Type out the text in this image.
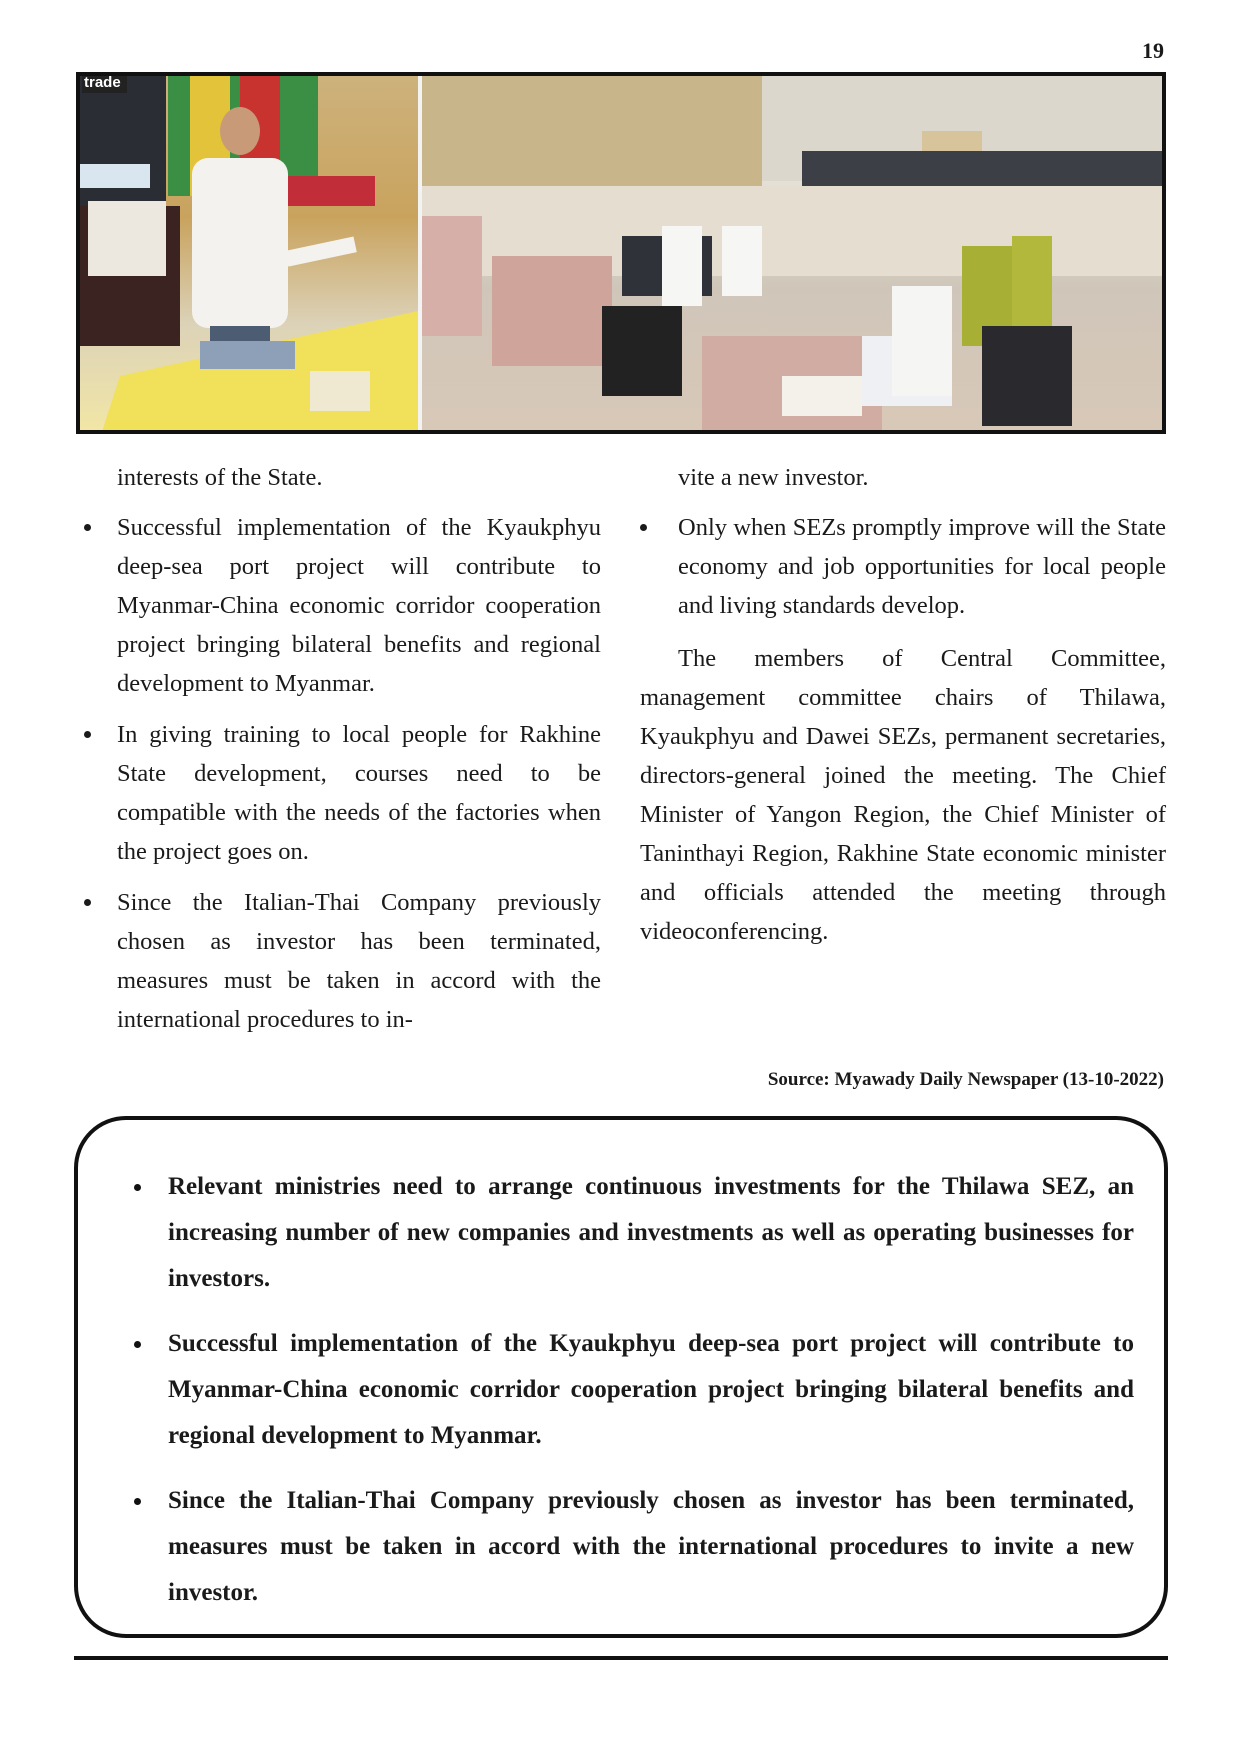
19
trade

interests of the State.

Successful implementation of the Kyaukphyu deep-sea port project will contribute to Myanmar-China economic corridor cooperation project bringing bilateral benefits and regional development to Myanmar.

In giving training to local people for Rakhine State development, courses need to be compatible with the needs of the factories when the project goes on.

Since the Italian-Thai Company previously chosen as investor has been terminated, measures must be taken in accord with the international procedures to in-

vite a new investor.

Only when SEZs promptly improve will the State economy and job opportunities for local people and living standards develop.

The members of Central Committee, management committee chairs of Thilawa, Kyaukphyu and Dawei SEZs, permanent secretaries, directors-general joined the meeting. The Chief Minister of Yangon Region, the Chief Minister of Taninthayi Region, Rakhine State economic minister and officials attended the meeting through videoconferencing.

Source: Myawady Daily Newspaper (13-10-2022)

Relevant ministries need to arrange continuous investments for the Thilawa SEZ, an increasing number of new companies and investments as well as operating businesses for investors.

Successful implementation of the Kyaukphyu deep-sea port project will contribute to Myanmar-China economic corridor cooperation project bringing bilateral benefits and regional development to Myanmar.

Since the Italian-Thai Company previously chosen as investor has been terminated, measures must be taken in accord with the international procedures to invite a new investor.
